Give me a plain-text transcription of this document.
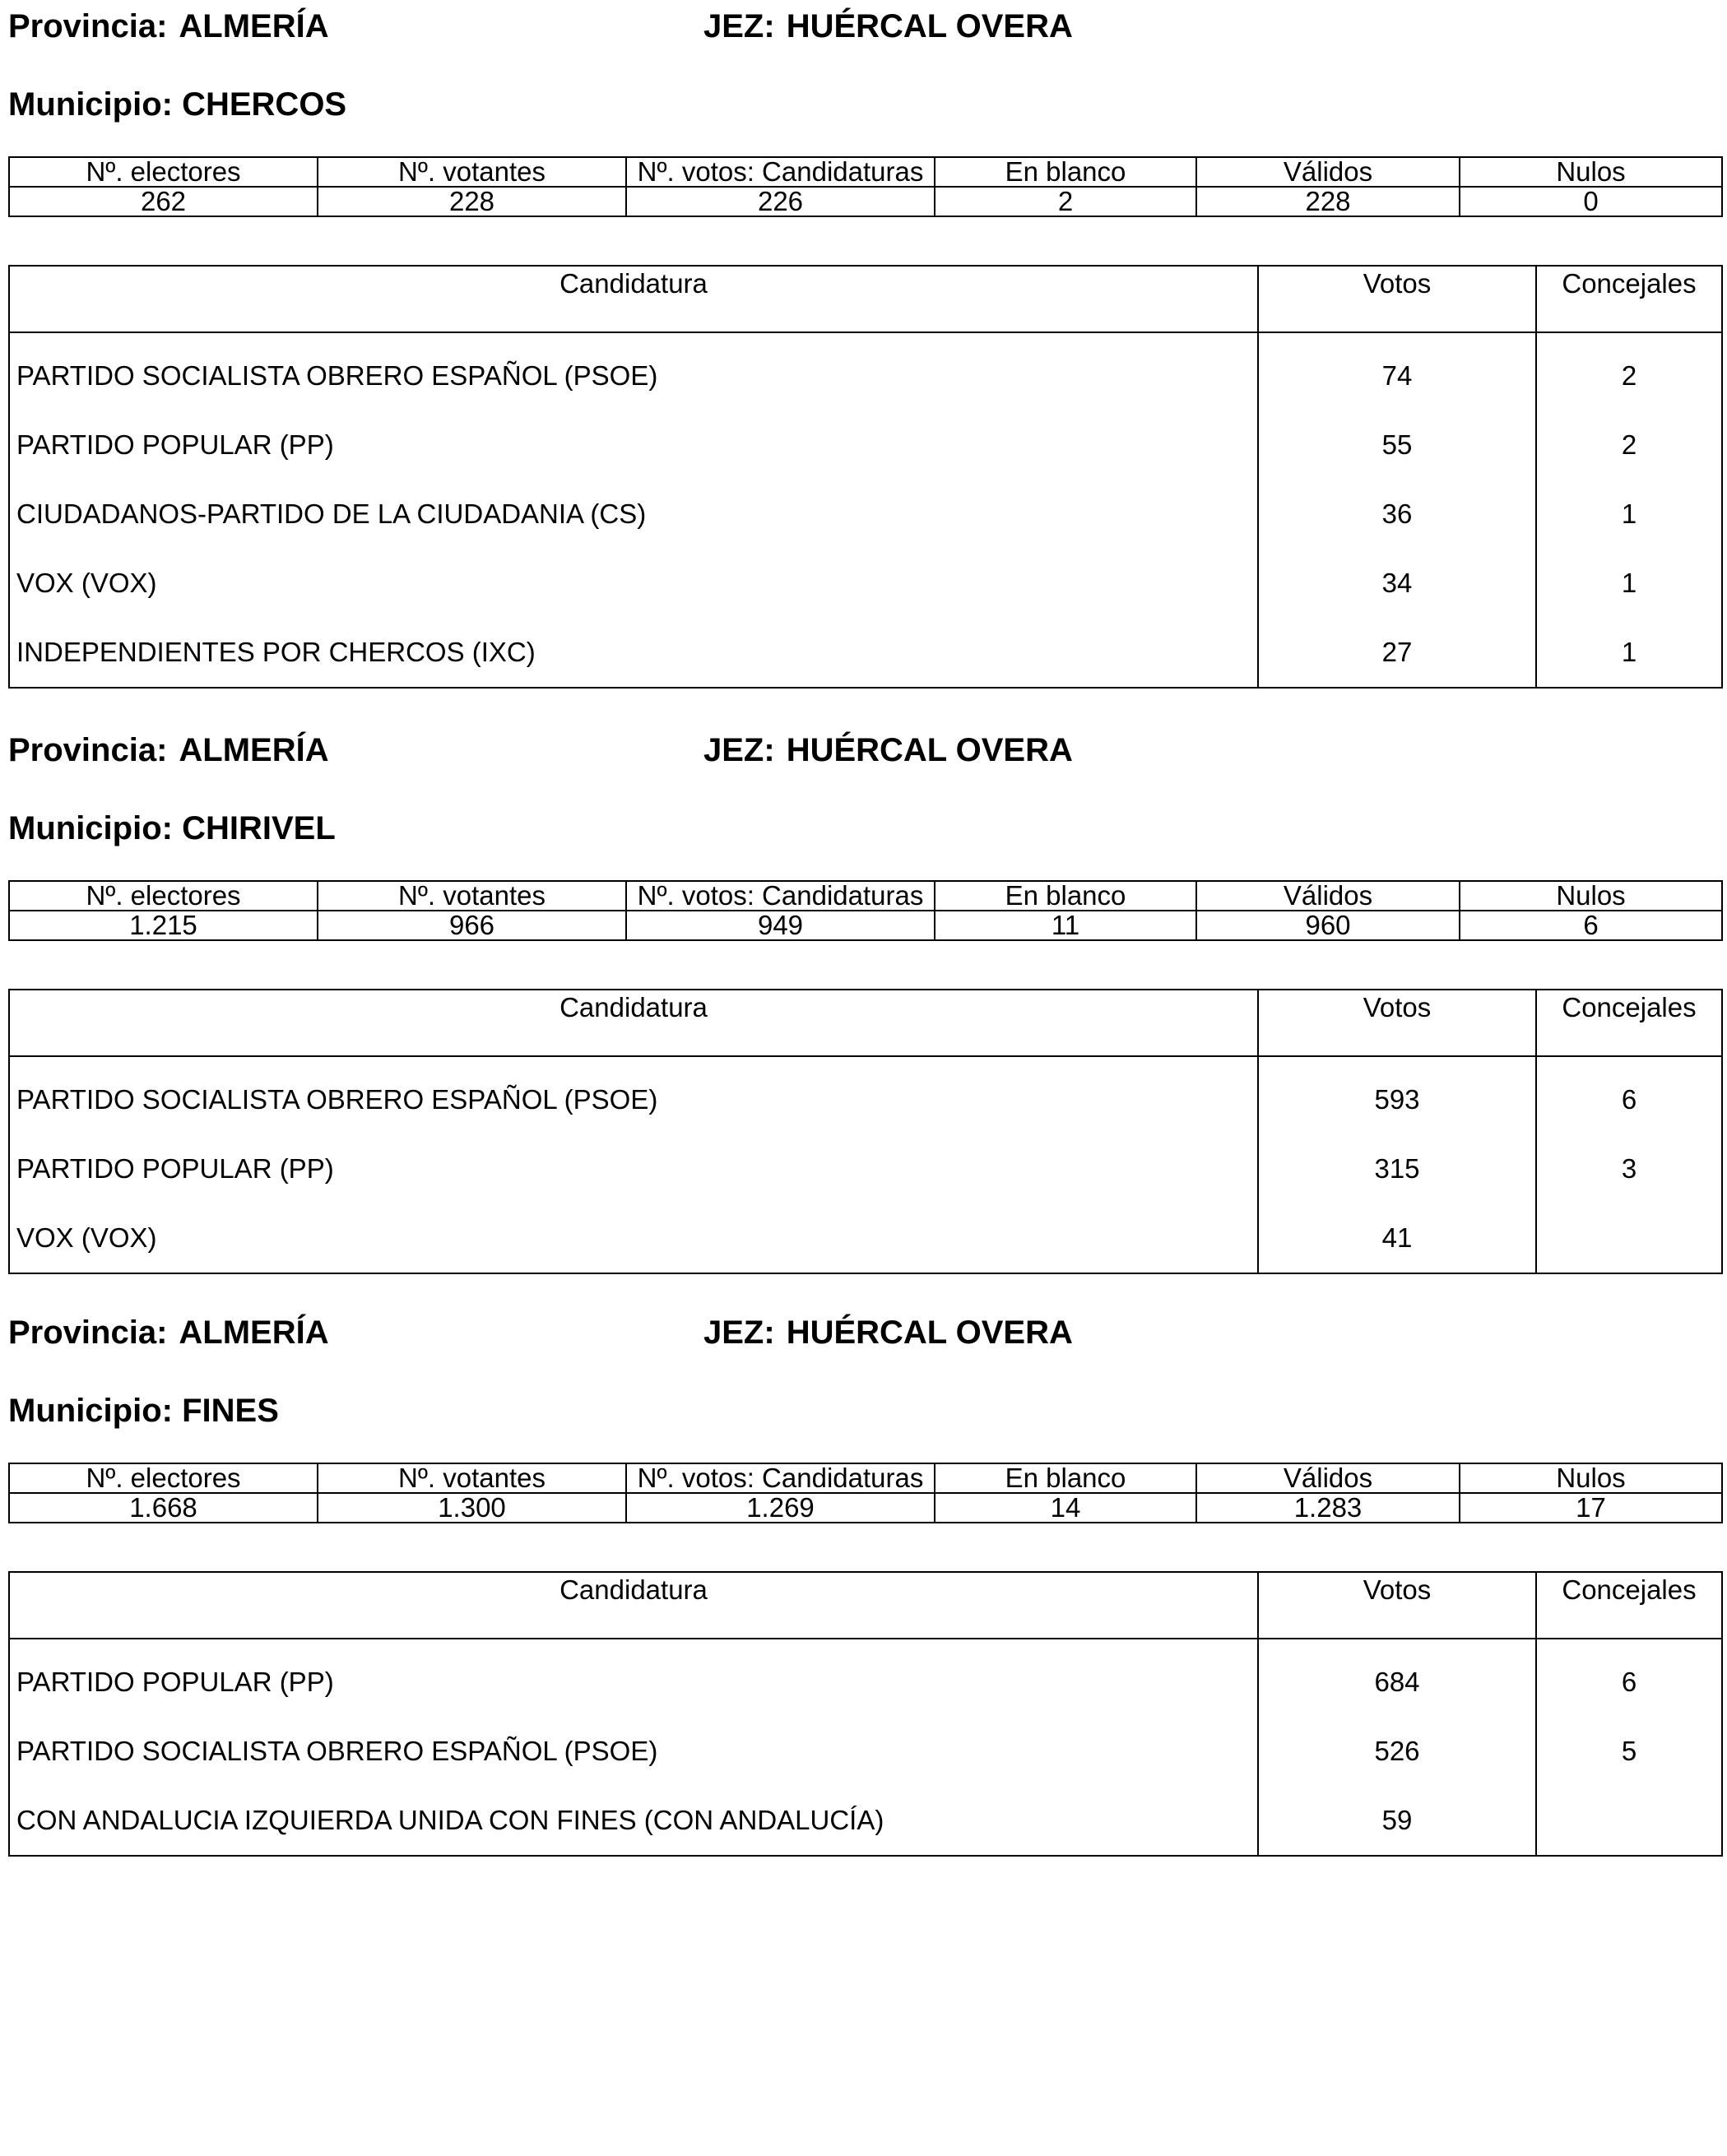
Provincia: ALMERÍA	JEZ: HUÉRCAL OVERA
Municipio: CHERCOS
Nº. electores	Nº. votantes	Nº. votos: Candidaturas	En blanco	Válidos	Nulos
262	228	226	2	228	0
Candidatura	Votos	Concejales
PARTIDO SOCIALISTA OBRERO ESPAÑOL (PSOE)	74	2
PARTIDO POPULAR (PP)	55	2
CIUDADANOS-PARTIDO DE LA CIUDADANIA (CS)	36	1
VOX (VOX)	34	1
INDEPENDIENTES POR CHERCOS (IXC)	27	1
Provincia: ALMERÍA	JEZ: HUÉRCAL OVERA
Municipio: CHIRIVEL
Nº. electores	Nº. votantes	Nº. votos: Candidaturas	En blanco	Válidos	Nulos
1.215	966	949	11	960	6
Candidatura	Votos	Concejales
PARTIDO SOCIALISTA OBRERO ESPAÑOL (PSOE)	593	6
PARTIDO POPULAR (PP)	315	3
VOX (VOX)	41	
Provincia: ALMERÍA	JEZ: HUÉRCAL OVERA
Municipio: FINES
Nº. electores	Nº. votantes	Nº. votos: Candidaturas	En blanco	Válidos	Nulos
1.668	1.300	1.269	14	1.283	17
Candidatura	Votos	Concejales
PARTIDO POPULAR (PP)	684	6
PARTIDO SOCIALISTA OBRERO ESPAÑOL (PSOE)	526	5
CON ANDALUCIA IZQUIERDA UNIDA CON FINES (CON ANDALUCÍA)	59	
